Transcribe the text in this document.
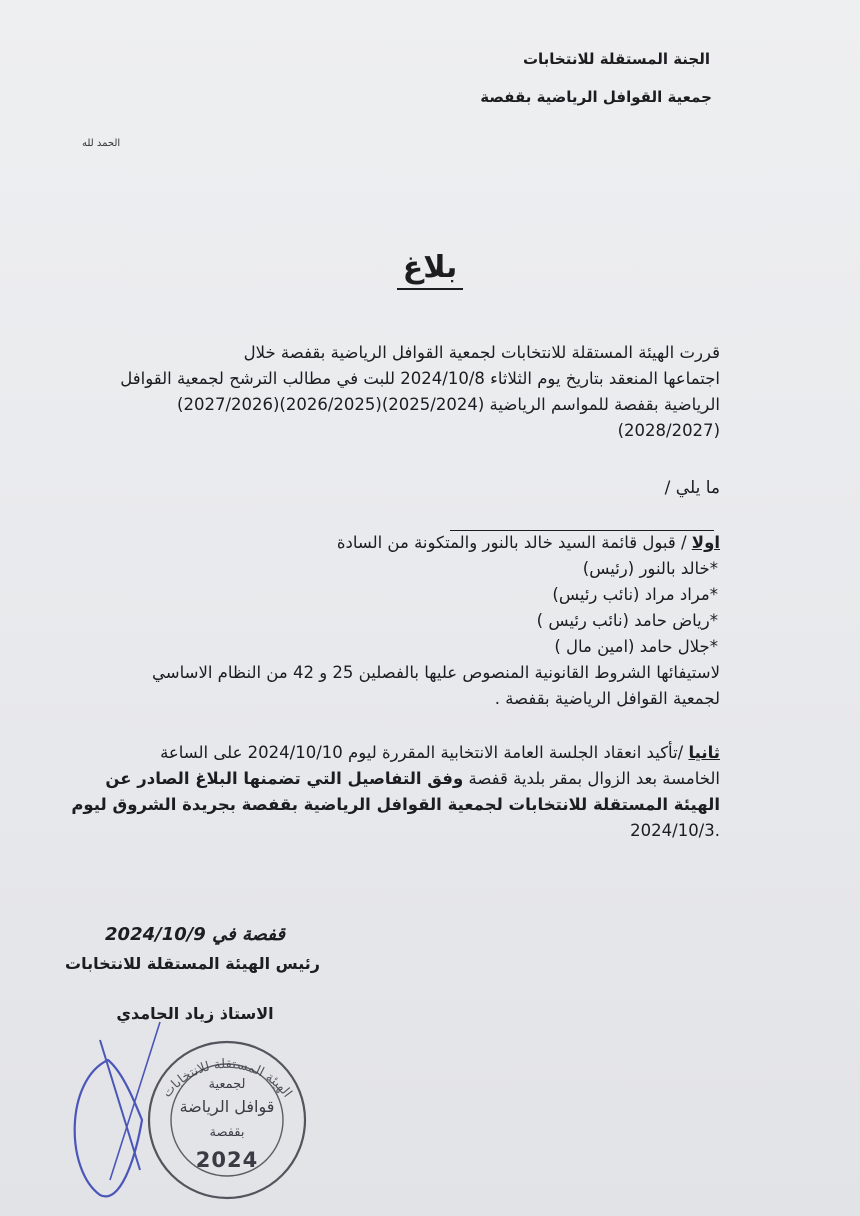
الجنة المستقلة للانتخابات
جمعية القوافل الرياضية بقفصة
الحمد لله
بلاغ

قررت الهيئة المستقلة للانتخابات لجمعية القوافل الرياضية بقفصة خلال

اجتماعها المنعقد بتاريخ يوم الثلاثاء 2024/10/8 للبت في مطالب الترشح لجمعية القوافل

الرياضية بقفصة للمواسم الرياضية (2025/2024)(2026/2025)(2027/2026)

(2028/2027)

ما يلي /

اولا / قبول قائمة السيد خالد بالنور والمتكونة من السادة

*خالد بالنور (رئيس)

*مراد مراد (نائب رئيس)

*رياض حامد (نائب رئيس )

*جلال حامد (امين مال )

لاستيفائها الشروط القانونية المنصوص عليها بالفصلين 25 و 42 من النظام الاساسي

لجمعية القوافل الرياضية بقفصة .

ثانيا /تأكيد انعقاد الجلسة العامة الانتخابية المقررة ليوم 2024/10/10 على الساعة

الخامسة بعد الزوال بمقر بلدية قفصة وفق التفاصيل التي تضمنها البلاغ الصادر عن

الهيئة المستقلة للانتخابات لجمعية القوافل الرياضية بقفصة بجريدة الشروق ليوم

.2024/10/3

قفصة في 2024/10/9
رئيس الهيئة المستقلة للانتخابات
الاستاذ زياد الحامدي
الهيئة المستقلة للانتخابات
لجمعية
قوافل الرياضة
بقفصة
2024
